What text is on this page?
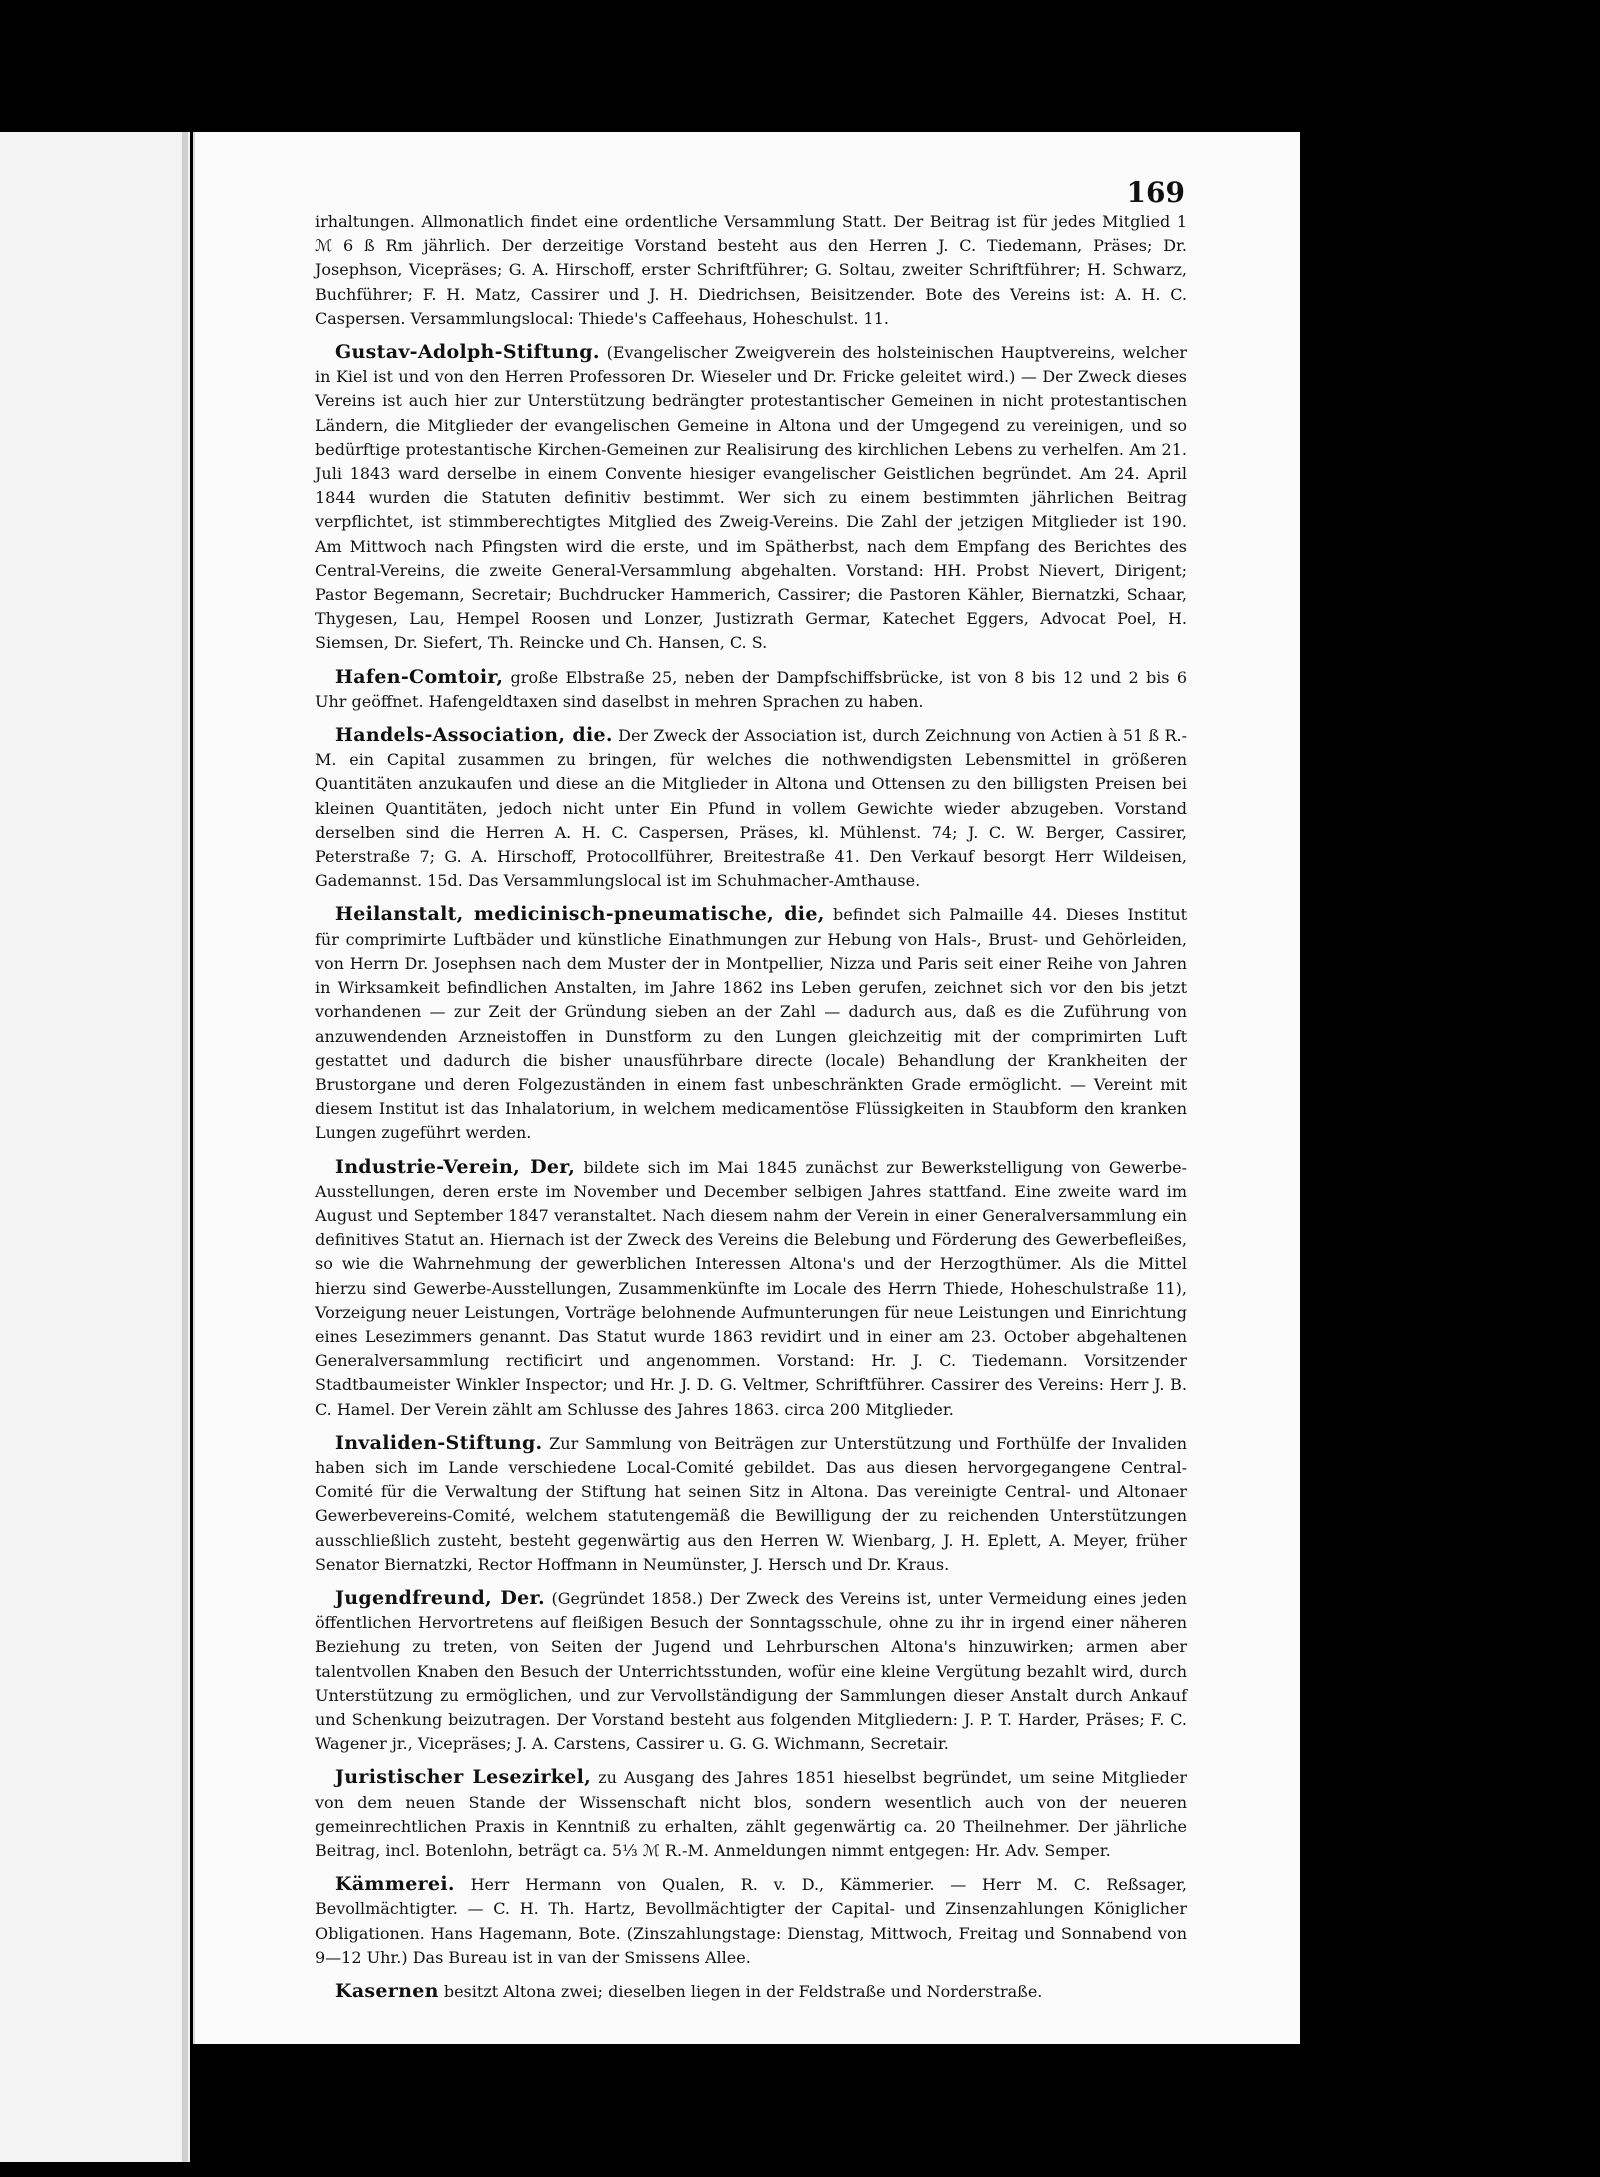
169

irhaltungen. Allmonatlich findet eine ordentliche Versammlung Statt. Der Beitrag ist für jedes Mitglied 1 ℳ 6 ß Rm jährlich. Der derzeitige Vorstand besteht aus den Herren J. C. Tiedemann, Präses; Dr. Josephson, Vicepräses; G. A. Hirschoff, erster Schriftführer; G. Soltau, zweiter Schriftführer; H. Schwarz, Buchführer; F. H. Matz, Cassirer und J. H. Diedrichsen, Beisitzender. Bote des Vereins ist: A. H. C. Caspersen. Versammlungslocal: Thiede's Caffeehaus, Hoheschulst. 11.

Gustav-Adolph-Stiftung. (Evangelischer Zweigverein des holsteinischen Hauptvereins, welcher in Kiel ist und von den Herren Professoren Dr. Wieseler und Dr. Fricke geleitet wird.) — Der Zweck dieses Vereins ist auch hier zur Unterstützung bedrängter protestantischer Gemeinen in nicht protestantischen Ländern, die Mitglieder der evangelischen Gemeine in Altona und der Umgegend zu vereinigen, und so bedürftige protestantische Kirchen-Gemeinen zur Realisirung des kirchlichen Lebens zu verhelfen. Am 21. Juli 1843 ward derselbe in einem Convente hiesiger evangelischer Geistlichen begründet. Am 24. April 1844 wurden die Statuten definitiv bestimmt. Wer sich zu einem bestimmten jährlichen Beitrag verpflichtet, ist stimmberechtigtes Mitglied des Zweig-Vereins. Die Zahl der jetzigen Mitglieder ist 190. Am Mittwoch nach Pfingsten wird die erste, und im Spätherbst, nach dem Empfang des Berichtes des Central-Vereins, die zweite General-Versammlung abgehalten. Vorstand: HH. Probst Nievert, Dirigent; Pastor Begemann, Secretair; Buchdrucker Hammerich, Cassirer; die Pastoren Kähler, Biernatzki, Schaar, Thygesen, Lau, Hempel Roosen und Lonzer, Justizrath Germar, Katechet Eggers, Advocat Poel, H. Siemsen, Dr. Siefert, Th. Reincke und Ch. Hansen, C. S.

Hafen-Comtoir, große Elbstraße 25, neben der Dampfschiffsbrücke, ist von 8 bis 12 und 2 bis 6 Uhr geöffnet. Hafengeldtaxen sind daselbst in mehren Sprachen zu haben.

Handels-Association, die. Der Zweck der Association ist, durch Zeichnung von Actien à 51 ß R.-M. ein Capital zusammen zu bringen, für welches die nothwendigsten Lebensmittel in größeren Quantitäten anzukaufen und diese an die Mitglieder in Altona und Ottensen zu den billigsten Preisen bei kleinen Quantitäten, jedoch nicht unter Ein Pfund in vollem Gewichte wieder abzugeben. Vorstand derselben sind die Herren A. H. C. Caspersen, Präses, kl. Mühlenst. 74; J. C. W. Berger, Cassirer, Peterstraße 7; G. A. Hirschoff, Protocollführer, Breitestraße 41. Den Verkauf besorgt Herr Wildeisen, Gademannst. 15d. Das Versammlungslocal ist im Schuhmacher-Amthause.

Heilanstalt, medicinisch-pneumatische, die, befindet sich Palmaille 44. Dieses Institut für comprimirte Luftbäder und künstliche Einathmungen zur Hebung von Hals-, Brust- und Gehörleiden, von Herrn Dr. Josephsen nach dem Muster der in Montpellier, Nizza und Paris seit einer Reihe von Jahren in Wirksamkeit befindlichen Anstalten, im Jahre 1862 ins Leben gerufen, zeichnet sich vor den bis jetzt vorhandenen — zur Zeit der Gründung sieben an der Zahl — dadurch aus, daß es die Zuführung von anzuwendenden Arzneistoffen in Dunstform zu den Lungen gleichzeitig mit der comprimirten Luft gestattet und dadurch die bisher unausführbare directe (locale) Behandlung der Krankheiten der Brustorgane und deren Folgezuständen in einem fast unbeschränkten Grade ermöglicht. — Vereint mit diesem Institut ist das Inhalatorium, in welchem medicamentöse Flüssigkeiten in Staubform den kranken Lungen zugeführt werden.

Industrie-Verein, Der, bildete sich im Mai 1845 zunächst zur Bewerkstelligung von Gewerbe-Ausstellungen, deren erste im November und December selbigen Jahres stattfand. Eine zweite ward im August und September 1847 veranstaltet. Nach diesem nahm der Verein in einer Generalversammlung ein definitives Statut an. Hiernach ist der Zweck des Vereins die Belebung und Förderung des Gewerbefleißes, so wie die Wahrnehmung der gewerblichen Interessen Altona's und der Herzogthümer. Als die Mittel hierzu sind Gewerbe-Ausstellungen, Zusammenkünfte im Locale des Herrn Thiede, Hoheschulstraße 11), Vorzeigung neuer Leistungen, Vorträge belohnende Aufmunterungen für neue Leistungen und Einrichtung eines Lesezimmers genannt. Das Statut wurde 1863 revidirt und in einer am 23. October abgehaltenen Generalversammlung rectificirt und angenommen. Vorstand: Hr. J. C. Tiedemann. Vorsitzender Stadtbaumeister Winkler Inspector; und Hr. J. D. G. Veltmer, Schriftführer. Cassirer des Vereins: Herr J. B. C. Hamel. Der Verein zählt am Schlusse des Jahres 1863. circa 200 Mitglieder.

Invaliden-Stiftung. Zur Sammlung von Beiträgen zur Unterstützung und Forthülfe der Invaliden haben sich im Lande verschiedene Local-Comité gebildet. Das aus diesen hervorgegangene Central-Comité für die Verwaltung der Stiftung hat seinen Sitz in Altona. Das vereinigte Central- und Altonaer Gewerbevereins-Comité, welchem statutengemäß die Bewilligung der zu reichenden Unterstützungen ausschließlich zusteht, besteht gegenwärtig aus den Herren W. Wienbarg, J. H. Eplett, A. Meyer, früher Senator Biernatzki, Rector Hoffmann in Neumünster, J. Hersch und Dr. Kraus.

Jugendfreund, Der. (Gegründet 1858.) Der Zweck des Vereins ist, unter Vermeidung eines jeden öffentlichen Hervortretens auf fleißigen Besuch der Sonntagsschule, ohne zu ihr in irgend einer näheren Beziehung zu treten, von Seiten der Jugend und Lehrburschen Altona's hinzuwirken; armen aber talentvollen Knaben den Besuch der Unterrichtsstunden, wofür eine kleine Vergütung bezahlt wird, durch Unterstützung zu ermöglichen, und zur Vervollständigung der Sammlungen dieser Anstalt durch Ankauf und Schenkung beizutragen. Der Vorstand besteht aus folgenden Mitgliedern: J. P. T. Harder, Präses; F. C. Wagener jr., Vicepräses; J. A. Carstens, Cassirer u. G. G. Wichmann, Secretair.

Juristischer Lesezirkel, zu Ausgang des Jahres 1851 hieselbst begründet, um seine Mitglieder von dem neuen Stande der Wissenschaft nicht blos, sondern wesentlich auch von der neueren gemeinrechtlichen Praxis in Kenntniß zu erhalten, zählt gegenwärtig ca. 20 Theilnehmer. Der jährliche Beitrag, incl. Botenlohn, beträgt ca. 5⅓ ℳ R.-M. Anmeldungen nimmt entgegen: Hr. Adv. Semper.

Kämmerei. Herr Hermann von Qualen, R. v. D., Kämmerier. — Herr M. C. Reßsager, Bevollmächtigter. — C. H. Th. Hartz, Bevollmächtigter der Capital- und Zinsenzahlungen Königlicher Obligationen. Hans Hagemann, Bote. (Zinszahlungstage: Dienstag, Mittwoch, Freitag und Sonnabend von 9—12 Uhr.) Das Bureau ist in van der Smissens Allee.

Kasernen besitzt Altona zwei; dieselben liegen in der Feldstraße und Norderstraße.
